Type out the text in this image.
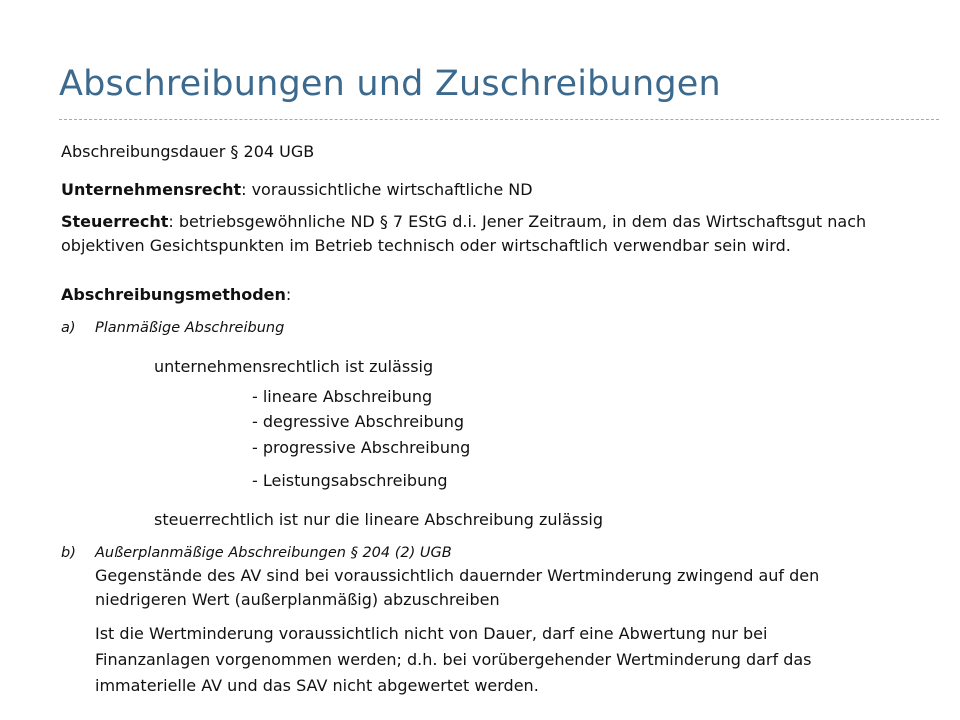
Abschreibungen und Zuschreibungen
Abschreibungsdauer § 204 UGB
Unternehmensrecht: voraussichtliche wirtschaftliche ND
Steuerrecht: betriebsgewöhnliche ND § 7 EStG d.i. Jener Zeitraum, in dem das Wirtschaftsgut nach
objektiven Gesichtspunkten im Betrieb technisch oder wirtschaftlich verwendbar sein wird.
Abschreibungsmethoden:
a) Planmäßige Abschreibung
unternehmensrechtlich ist zulässig
- lineare Abschreibung
- degressive Abschreibung
- progressive Abschreibung
- Leistungsabschreibung
steuerrechtlich ist nur die lineare Abschreibung zulässig
b) Außerplanmäßige Abschreibungen § 204 (2) UGB
Gegenstände des AV sind bei voraussichtlich dauernder Wertminderung zwingend auf den
niedrigeren Wert (außerplanmäßig) abzuschreiben
Ist die Wertminderung voraussichtlich nicht von Dauer, darf eine Abwertung nur bei
Finanzanlagen vorgenommen werden; d.h. bei vorübergehender Wertminderung darf das
immaterielle AV und das SAV nicht abgewertet werden.
